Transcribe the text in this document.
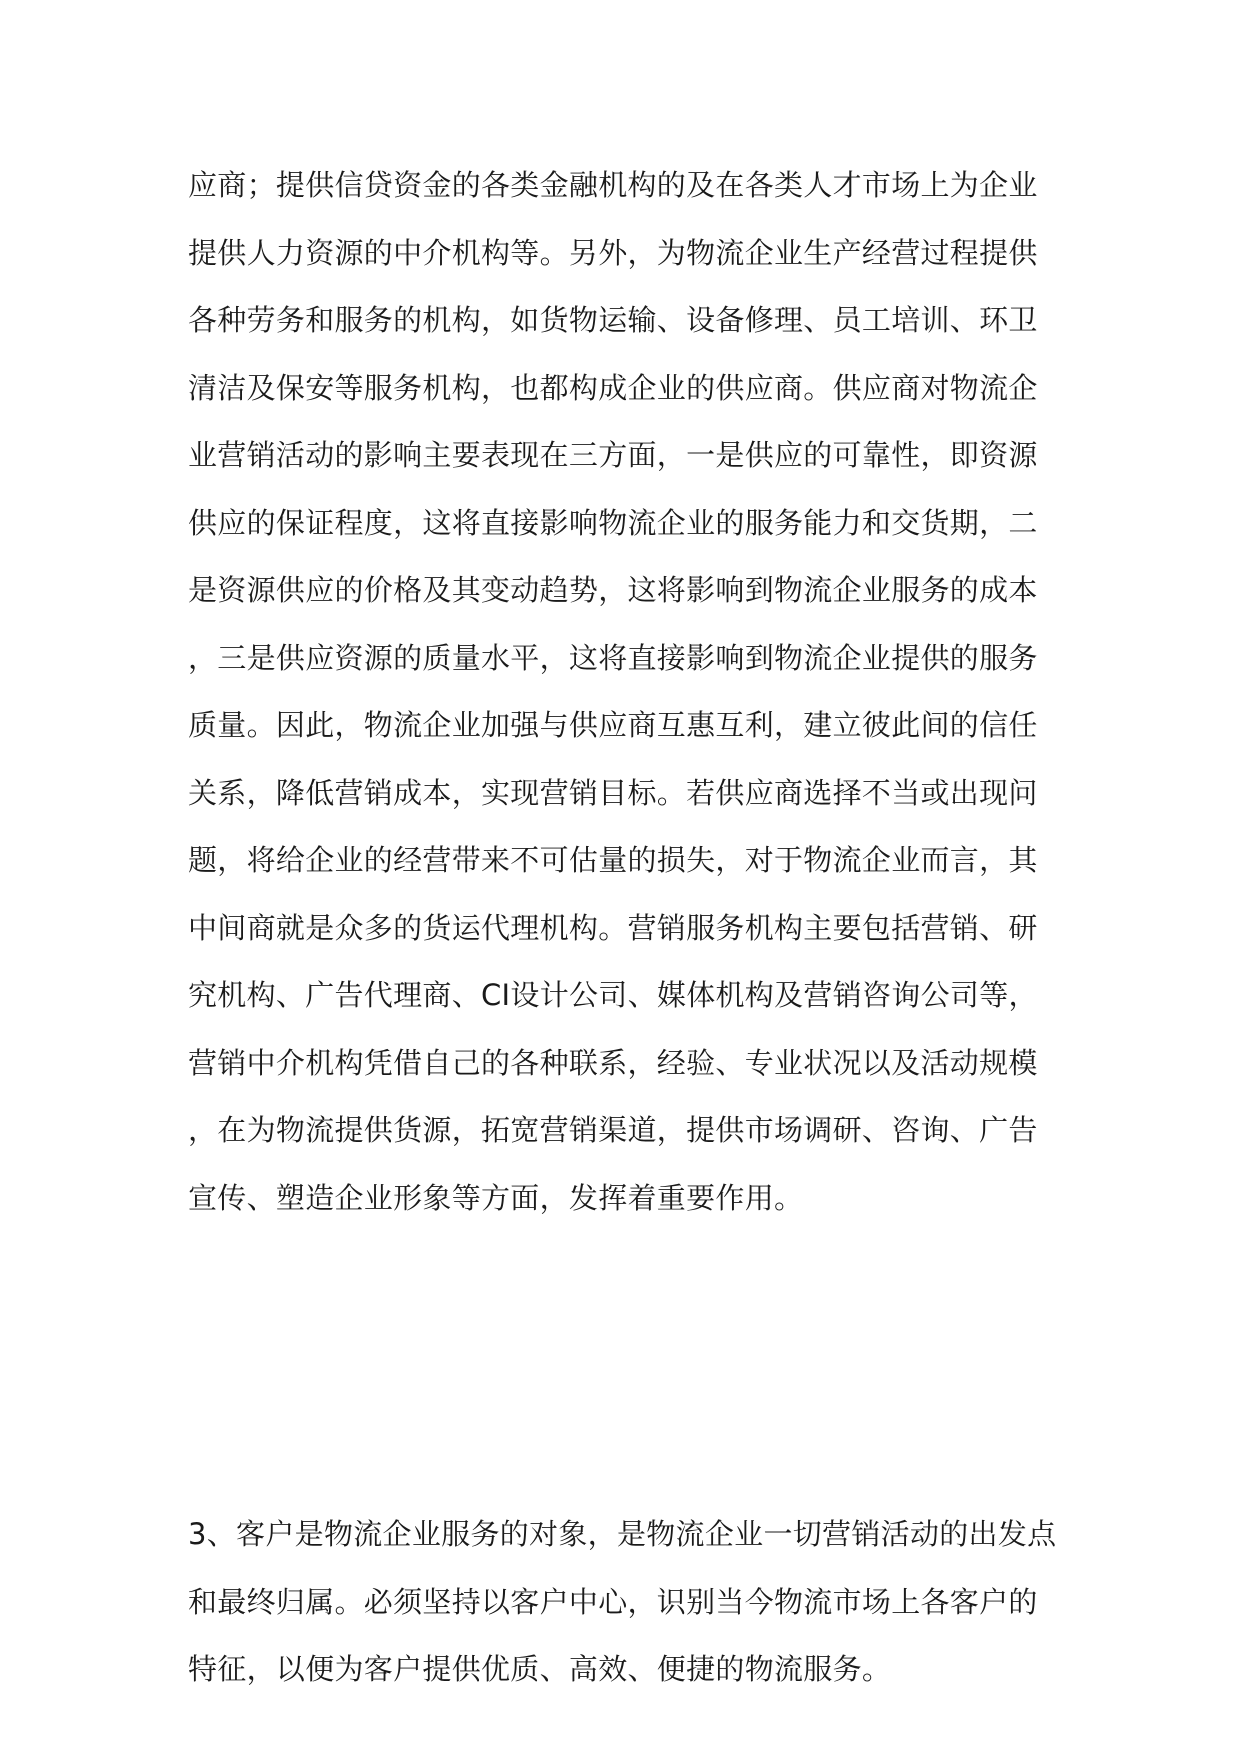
应商；提供信贷资金的各类金融机构的及在各类人才市场上为企业
提供人力资源的中介机构等。另外，为物流企业生产经营过程提供
各种劳务和服务的机构，如货物运输、设备修理、员工培训、环卫
清洁及保安等服务机构，也都构成企业的供应商。供应商对物流企
业营销活动的影响主要表现在三方面，一是供应的可靠性，即资源
供应的保证程度，这将直接影响物流企业的服务能力和交货期，二
是资源供应的价格及其变动趋势，这将影响到物流企业服务的成本
，三是供应资源的质量水平，这将直接影响到物流企业提供的服务
质量。因此，物流企业加强与供应商互惠互利，建立彼此间的信任
关系，降低营销成本，实现营销目标。若供应商选择不当或出现问
题，将给企业的经营带来不可估量的损失，对于物流企业而言，其
中间商就是众多的货运代理机构。营销服务机构主要包括营销、研
究机构、广告代理商、CI设计公司、媒体机构及营销咨询公司等，
营销中介机构凭借自己的各种联系，经验、专业状况以及活动规模
，在为物流提供货源，拓宽营销渠道，提供市场调研、咨询、广告
宣传、塑造企业形象等方面，发挥着重要作用。
3、客户是物流企业服务的对象，是物流企业一切营销活动的出发点
和最终归属。必须坚持以客户中心，识别当今物流市场上各客户的
特征，以便为客户提供优质、高效、便捷的物流服务。
